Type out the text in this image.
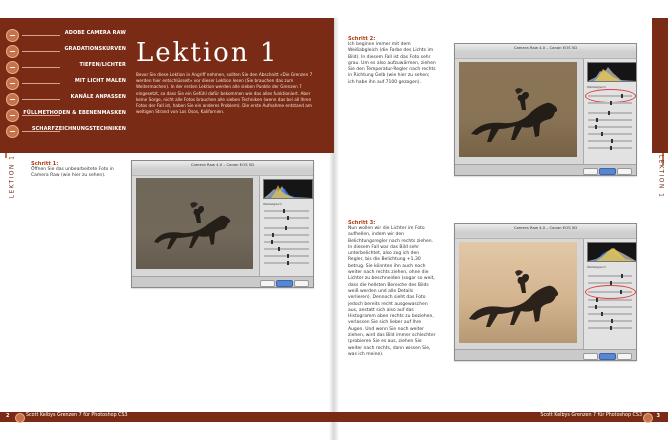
ADOBE CAMERA RAW
GRADATIONSKURVEN
TIEFEN/LICHTER
MIT LICHT MALEN
KANÄLE ANPASSEN
FÜLLMETHODEN & EBENENMASKEN
SCHARFZEICHNUNGSTECHNIKEN
Lektion 1
Bevor Sie diese Lektion in Angriff nehmen, sollten Sie den Abschnitt »Die Grenzen 7 werden hier entschlüsselt« vor dieser Lektion lesen (Sie brauchen das zum Weitermachen). In der ersten Lektion werden alle sieben Punkte der Grenzen 7 eingesetzt, so dass Sie ein Gefühl dafür bekommen wie das alles funktioniert. Aber keine Sorge, nicht alle Fotos brauchen alle sieben Techniken (wenn das bei all Ihren Fotos der Fall ist, haben Sie ein anderes Problem). Die erste Aufnahme entstand am weltigen Strand von Los Osos, Kalifornien.
LEKTION 1	Schritt 1:
Öffnen Sie das unbearbeitete Foto in Camera Raw (wie hier zu sehen).
Camera Raw 4.0 – Canon EOS 5D
Weißabgleich
Schritt 2:
Ich beginne immer mit dem Weißabgleich (die Farbe des Lichts im Bild). In diesem Fall ist das Foto sehr grau. Um es also aufzuwärmen, ziehen Sie den Temperatur-Regler nach rechts in Richtung Gelb (wie hier zu sehen; ich habe ihn auf 7100 gezogen).
Camera Raw 4.0 – Canon EOS 5D
Weißabgleich
Schritt 3:
Nun wollen wir die Lichter im Foto aufhellen, indem wir den Belichtungsregler nach rechts ziehen. In diesem Fall war das Bild sehr unterbelichtet, also zog ich den Regler, bis die Belichtung +1,30 betrug. Sie könnten ihn auch noch weiter nach rechts ziehen, ohne die Lichter zu beschneiden (sogar so weit, dass die hellsten Bereiche des Bilds weiß werden und alle Details verlieren). Dennoch sieht das Foto jedoch bereits recht ausgewaschen aus, anstatt sich also auf das Histogramm oben rechts zu beziehen, verlassen Sie sich lieber auf Ihre Augen. Und wenn Sie noch weiter ziehen, wird das Bild immer schlechter (probieren Sie es aus, ziehen Sie weiter nach rechts, dann wissen Sie, was ich meine).
Camera Raw 4.0 – Canon EOS 5D
Weißabgleich
LEKTION 1
2	Scott Kelbys Grenzen 7 für Photoshop CS3	Scott Kelbys Grenzen 7 für Photoshop CS3	3
